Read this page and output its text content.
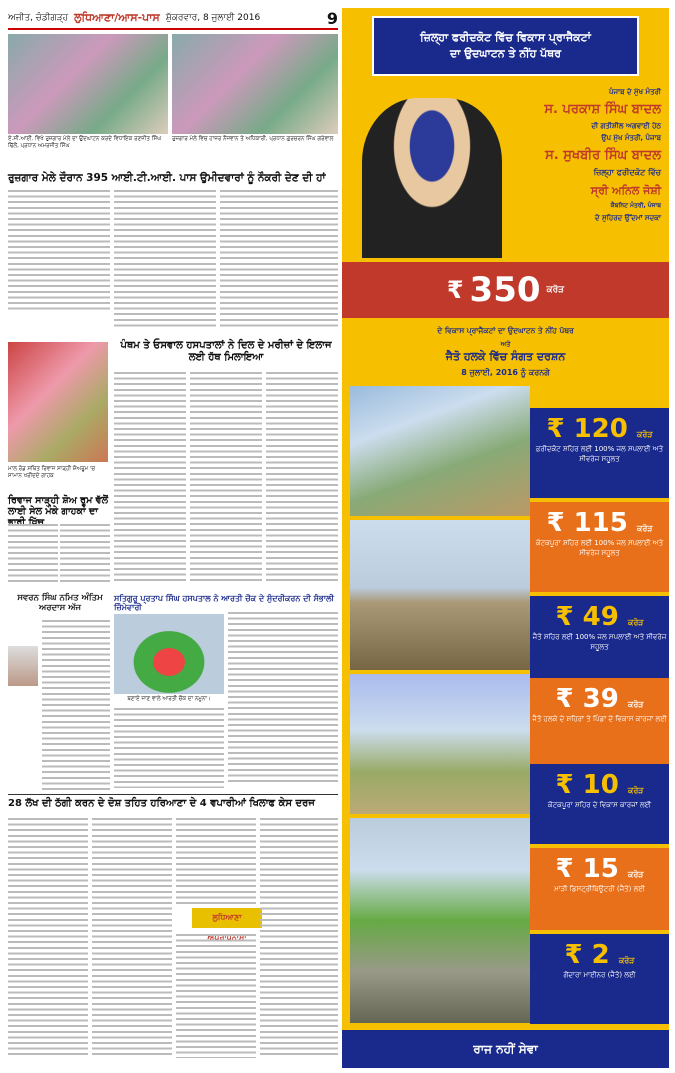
ਅਜੀਤ, ਚੰਡੀਗੜ੍ਹ ਲੁਧਿਆਣਾ/ਆਸ-ਪਾਸ ਸ਼ੁੱਕਰਵਾਰ, 8 ਜੁਲਾਈ 2016	9
ਏ.ਸੀ.ਆਈ. ਵਿਖੇ ਰੁਜ਼ਗਾਰ ਮੇਲੇ ਦਾ ਉਦਘਾਟਨ ਕਰਦੇ ਵਿਧਾਇਕ ਰਣਜੀਤ ਸਿੰਘ ਢਿੱਲੋਂ, ਪ੍ਰਧਾਨ ਅਮਰਜੀਤ ਸਿੰਘ
ਰੁਜ਼ਗਾਰ ਮੇਲੇ ਵਿਚ ਹਾਜ਼ਰ ਨੌਜਵਾਨ ਤੇ ਅਧਿਕਾਰੀ, ਪ੍ਰਧਾਨ ਗੁਰਚਰਨ ਸਿੰਘ ਗਰੇਵਾਲ
ਰੁਜ਼ਗਾਰ ਮੇਲੇ ਦੌਰਾਨ 395 ਆਈ.ਟੀ.ਆਈ. ਪਾਸ ਉਮੀਦਵਾਰਾਂ ਨੂੰ ਨੌਕਰੀ ਦੇਣ ਦੀ ਹਾਂ
ਪੰਥਮ ਤੇ ਓਸਵਾਲ ਹਸਪਤਾਲਾਂ ਨੇ ਦਿਲ ਦੇ ਮਰੀਜ਼ਾਂ ਦੇ ਇਲਾਜ ਲਈ ਹੱਥ ਮਿਲਾਇਆ
ਮਾਲ ਰੋਡ ਸਥਿਤ ਰਿਵਾਜ ਸਾੜ੍ਹੀ ਸ਼ੋਅਰੂਮ 'ਚ ਸਾਮਾਨ ਖਰੀਦਦੇ ਗਾਹਕ
ਰਿਵਾਜ ਸਾੜ੍ਹੀ ਸ਼ੋਅ ਰੂਮ ਵੱਲੋਂ ਲਾਈ ਸੇਲ ਮੌਕੇ ਗਾਹਕਾਂ ਦਾ ਭਾਰੀ ਖਿੱਚ
ਸਵਰਨ ਸਿੰਘ ਨਮਿਤ ਅੰਤਿਮ ਅਰਦਾਸ ਅੱਜ
ਸਤਿਗੁਰੂ ਪ੍ਰਤਾਪ ਸਿੰਘ ਹਸਪਤਾਲ ਨੇ ਆਰਤੀ ਚੌਕ ਦੇ ਸੁੰਦਰੀਕਰਨ ਦੀ ਸੰਭਾਲੀ ਜ਼ਿੰਮੇਵਾਰੀ
ਬਣਾਏ ਜਾਣ ਵਾਲੇ ਆਰਤੀ ਚੌਕ ਦਾ ਨਮੂਨਾ।
28 ਲੱਖ ਦੀ ਠੱਗੀ ਕਰਨ ਦੇ ਦੋਸ਼ ਤਹਿਤ ਹਰਿਆਣਾ ਦੇ 4 ਵਪਾਰੀਆਂ ਖਿਲਾਫ ਕੇਸ ਦਰਜ
ਲੁਧਿਆਣਾ ਅਪਰਾਧਨਾਮਾ
ਜ਼ਿਲ੍ਹਾ ਫਰੀਦਕੋਟ ਵਿੱਚ ਵਿਕਾਸ ਪ੍ਰਾਜੈਕਟਾਂ
ਦਾ ਉਦਘਾਟਨ ਤੇ ਨੀਂਹ ਪੱਥਰ
ਪੰਜਾਬ ਦੇ ਮੁੱਖ ਮੰਤਰੀ
ਸ. ਪਰਕਾਸ਼ ਸਿੰਘ ਬਾਦਲ
ਦੀ ਗਤੀਸ਼ੀਲ ਅਗਵਾਈ ਹੇਠ
ਉਪ ਮੁੱਖ ਮੰਤਰੀ, ਪੰਜਾਬ
ਸ. ਸੁਖਬੀਰ ਸਿੰਘ ਬਾਦਲ
ਜ਼ਿਲ੍ਹਾ ਫਰੀਦਕੋਟ ਵਿੱਚ
ਸ੍ਰੀ ਅਨਿਲ ਜੋਸ਼ੀ
ਕੈਬਨਿਟ ਮੰਤਰੀ, ਪੰਜਾਬ
ਦੇ ਸੁਹਿਰਦ ਉੱਦਮਾਂ ਸਦਕਾ
₹ 350 ਕਰੋੜ
ਦੇ ਵਿਕਾਸ ਪ੍ਰਾਜੈਕਟਾਂ ਦਾ ਉਦਘਾਟਨ ਤੇ ਨੀਂਹ ਪੱਥਰ
ਅਤੇ
ਜੈਤੋ ਹਲਕੇ ਵਿੱਚ ਸੰਗਤ ਦਰਸ਼ਨ
8 ਜੁਲਾਈ, 2016 ਨੂੰ ਕਰਨਗੇ
₹ 120 ਕਰੋੜ
ਫ਼ਰੀਦਕੋਟ ਸ਼ਹਿਰ ਲਈ 100% ਜਲ ਸਪਲਾਈ ਅਤੇ ਸੀਵਰੇਜ ਸਹੂਲਤ
₹ 115 ਕਰੋੜ
ਕੋਟਕਪੂਰਾ ਸ਼ਹਿਰ ਲਈ 100% ਜਲ ਸਪਲਾਈ ਅਤੇ ਸੀਵਰੇਜ ਸਹੂਲਤ
₹ 49 ਕਰੋੜ
ਜੈਤੋ ਸ਼ਹਿਰ ਲਈ 100% ਜਲ ਸਪਲਾਈ ਅਤੇ ਸੀਵਰੇਜ ਸਹੂਲਤ
₹ 39 ਕਰੋੜ
ਜੈਤੋ ਹਲਕੇ ਦੇ ਸ਼ਹਿਰਾਂ ਤੇ ਪਿੰਡਾਂ ਦੇ ਵਿਕਾਸ ਕਾਰਜਾਂ ਲਈ
₹ 10 ਕਰੋੜ
ਕੋਟਕਪੂਰਾ ਸ਼ਹਿਰ ਦੇ ਵਿਕਾਸ ਕਾਰਜਾਂ ਲਈ
₹ 15 ਕਰੋੜ
ਮਾੜੀ ਡਿਸਟ੍ਰੀਬਿਊਟਰੀ (ਜੈਤੋ) ਲਈ
₹ 2 ਕਰੋੜ
ਗੋਂਦਾਰਾ ਮਾਈਨਰ (ਜੈਤੋ) ਲਈ
ਰਾਜ ਨਹੀਂ ਸੇਵਾ
